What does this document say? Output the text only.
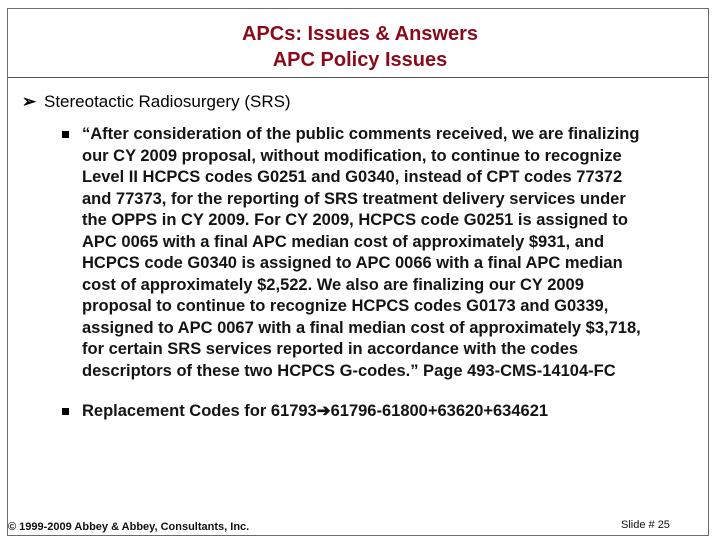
APCs: Issues & Answers
APC Policy Issues
➢ Stereotactic Radiosurgery (SRS)
“After consideration of the public comments received, we are finalizing
our CY 2009 proposal, without modification, to continue to recognize
Level II HCPCS codes G0251 and G0340, instead of CPT codes 77372
and 77373, for the reporting of SRS treatment delivery services under
the OPPS in CY 2009. For CY 2009, HCPCS code G0251 is assigned to
APC 0065 with a final APC median cost of approximately $931, and
HCPCS code G0340 is assigned to APC 0066 with a final APC median
cost of approximately $2,522. We also are finalizing our CY 2009
proposal to continue to recognize HCPCS codes G0173 and G0339,
assigned to APC 0067 with a final median cost of approximately $3,718,
for certain SRS services reported in accordance with the codes
descriptors of these two HCPCS G-codes.” Page 493-CMS-14104-FC
Replacement Codes for 61793➔61796-61800+63620+634621
© 1999-2009 Abbey & Abbey, Consultants, Inc.	Slide # 25
